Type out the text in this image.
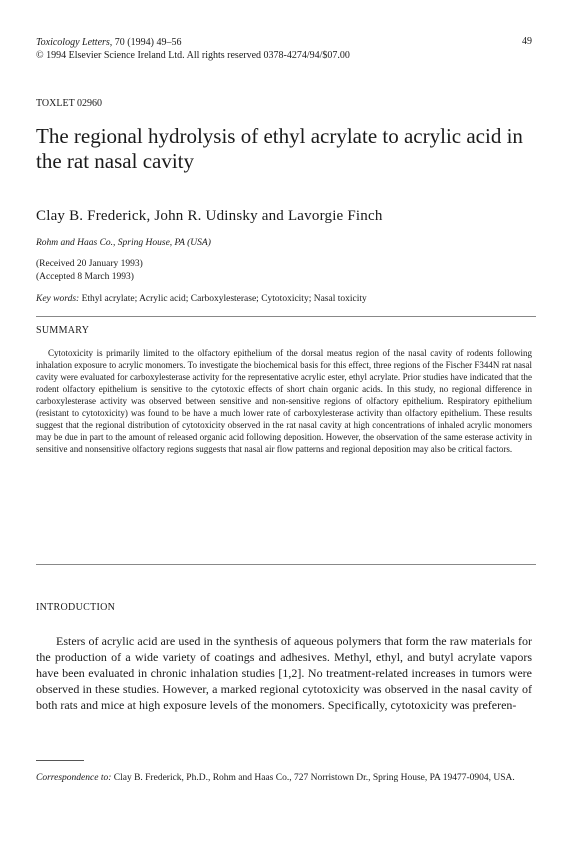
Toxicology Letters, 70 (1994) 49–56
© 1994 Elsevier Science Ireland Ltd. All rights reserved 0378-4274/94/$07.00
49
TOXLET 02960
The regional hydrolysis of ethyl acrylate to acrylic acid in the rat nasal cavity
Clay B. Frederick, John R. Udinsky and Lavorgie Finch
Rohm and Haas Co., Spring House, PA (USA)
(Received 20 January 1993)
(Accepted 8 March 1993)
Key words: Ethyl acrylate; Acrylic acid; Carboxylesterase; Cytotoxicity; Nasal toxicity
SUMMARY

Cytotoxicity is primarily limited to the olfactory epithelium of the dorsal meatus region of the nasal cavity of rodents following inhalation exposure to acrylic monomers. To investigate the biochemical basis for this effect, three regions of the Fischer F344N rat nasal cavity were evaluated for carboxylesterase activity for the representative acrylic ester, ethyl acrylate. Prior studies have indicated that the rodent olfactory epithelium is sensitive to the cytotoxic effects of short chain organic acids. In this study, no regional difference in carboxylesterase activity was observed between sensitive and non-sensitive regions of olfactory epithelium. Respiratory epithelium (resistant to cytotoxicity) was found to be have a much lower rate of carboxylesterase activity than olfactory epithelium. These results suggest that the regional distribution of cytotoxicity observed in the rat nasal cavity at high concentrations of inhaled acrylic monomers may be due in part to the amount of released organic acid following deposition. However, the observation of the same esterase activity in sensitive and nonsensitive olfactory regions suggests that nasal air flow patterns and regional deposition may also be critical factors.

INTRODUCTION

Esters of acrylic acid are used in the synthesis of aqueous polymers that form the raw materials for the production of a wide variety of coatings and adhesives. Methyl, ethyl, and butyl acrylate vapors have been evaluated in chronic inhalation studies [1,2]. No treatment-related increases in tumors were observed in these studies. However, a marked regional cytotoxicity was observed in the nasal cavity of both rats and mice at high exposure levels of the monomers. Specifically, cytotoxicity was preferen-

Correspondence to: Clay B. Frederick, Ph.D., Rohm and Haas Co., 727 Norristown Dr., Spring House, PA 19477-0904, USA.
